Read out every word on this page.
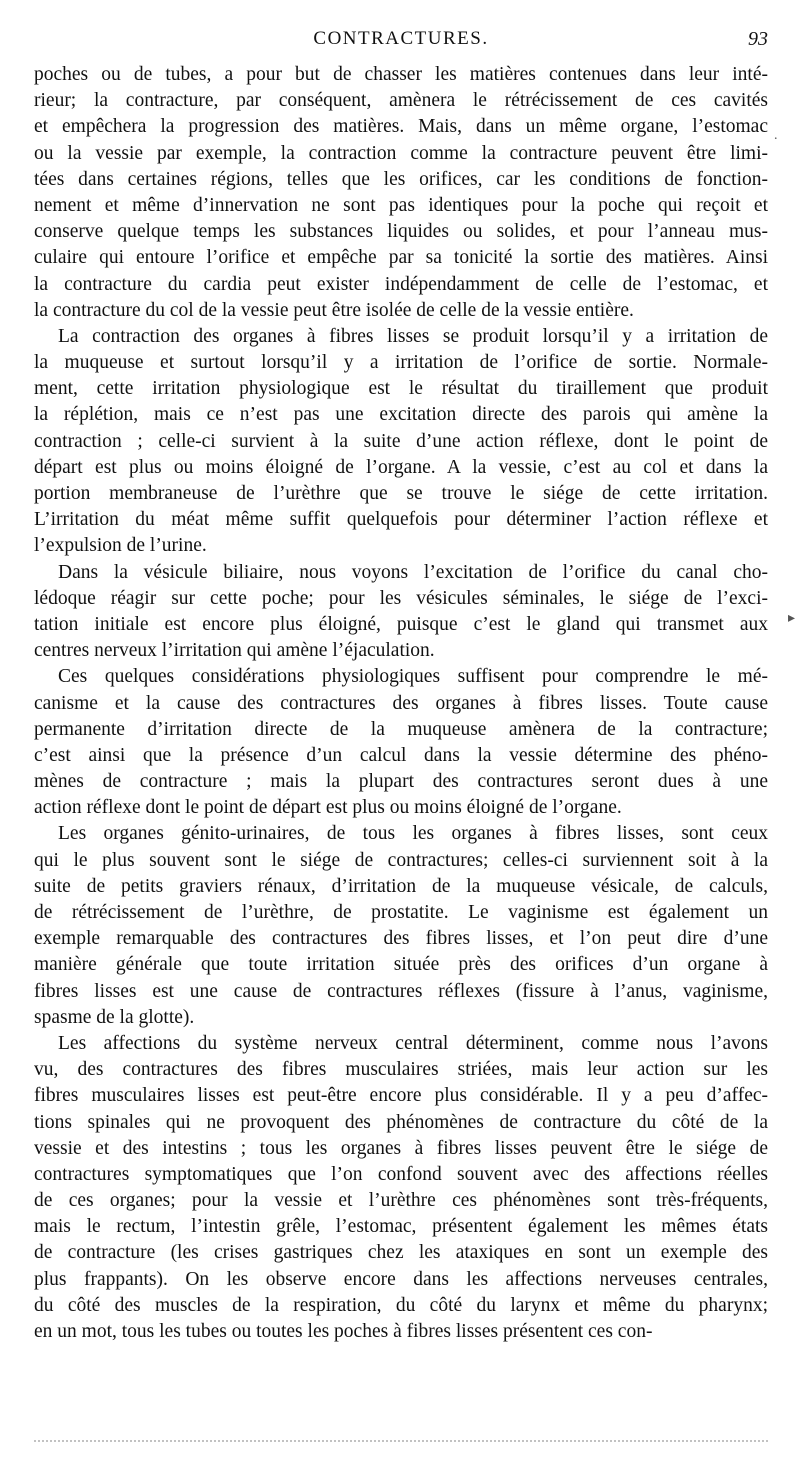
CONTRACTURES.	93
poches ou de tubes, a pour but de chasser les matières contenues dans leur inté-
rieur; la contracture, par conséquent, amènera le rétrécissement de ces cavités
et empêchera la progression des matières. Mais, dans un même organe, l’estomac
ou la vessie par exemple, la contraction comme la contracture peuvent être limi-
tées dans certaines régions, telles que les orifices, car les conditions de fonction-
nement et même d’innervation ne sont pas identiques pour la poche qui reçoit et
conserve quelque temps les substances liquides ou solides, et pour l’anneau mus-
culaire qui entoure l’orifice et empêche par sa tonicité la sortie des matières. Ainsi
la contracture du cardia peut exister indépendamment de celle de l’estomac, et
la contracture du col de la vessie peut être isolée de celle de la vessie entière.
La contraction des organes à fibres lisses se produit lorsqu’il y a irritation de
la muqueuse et surtout lorsqu’il y a irritation de l’orifice de sortie. Normale-
ment, cette irritation physiologique est le résultat du tiraillement que produit
la réplétion, mais ce n’est pas une excitation directe des parois qui amène la
contraction ; celle-ci survient à la suite d’une action réflexe, dont le point de
départ est plus ou moins éloigné de l’organe. A la vessie, c’est au col et dans la
portion membraneuse de l’urèthre que se trouve le siége de cette irritation.
L’irritation du méat même suffit quelquefois pour déterminer l’action réflexe et
l’expulsion de l’urine.
Dans la vésicule biliaire, nous voyons l’excitation de l’orifice du canal cho-
lédoque réagir sur cette poche; pour les vésicules séminales, le siége de l’exci-
tation initiale est encore plus éloigné, puisque c’est le gland qui transmet aux
centres nerveux l’irritation qui amène l’éjaculation.
Ces quelques considérations physiologiques suffisent pour comprendre le mé-
canisme et la cause des contractures des organes à fibres lisses. Toute cause
permanente d’irritation directe de la muqueuse amènera de la contracture;
c’est ainsi que la présence d’un calcul dans la vessie détermine des phéno-
mènes de contracture ; mais la plupart des contractures seront dues à une
action réflexe dont le point de départ est plus ou moins éloigné de l’organe.
Les organes génito-urinaires, de tous les organes à fibres lisses, sont ceux
qui le plus souvent sont le siége de contractures; celles-ci surviennent soit à la
suite de petits graviers rénaux, d’irritation de la muqueuse vésicale, de calculs,
de rétrécissement de l’urèthre, de prostatite. Le vaginisme est également un
exemple remarquable des contractures des fibres lisses, et l’on peut dire d’une
manière générale que toute irritation située près des orifices d’un organe à
fibres lisses est une cause de contractures réflexes (fissure à l’anus, vaginisme,
spasme de la glotte).
Les affections du système nerveux central déterminent, comme nous l’avons
vu, des contractures des fibres musculaires striées, mais leur action sur les
fibres musculaires lisses est peut-être encore plus considérable. Il y a peu d’affec-
tions spinales qui ne provoquent des phénomènes de contracture du côté de la
vessie et des intestins ; tous les organes à fibres lisses peuvent être le siége de
contractures symptomatiques que l’on confond souvent avec des affections réelles
de ces organes; pour la vessie et l’urèthre ces phénomènes sont très-fréquents,
mais le rectum, l’intestin grêle, l’estomac, présentent également les mêmes états
de contracture (les crises gastriques chez les ataxiques en sont un exemple des
plus frappants). On les observe encore dans les affections nerveuses centrales,
du côté des muscles de la respiration, du côté du larynx et même du pharynx;
en un mot, tous les tubes ou toutes les poches à fibres lisses présentent ces con-
.
▸
